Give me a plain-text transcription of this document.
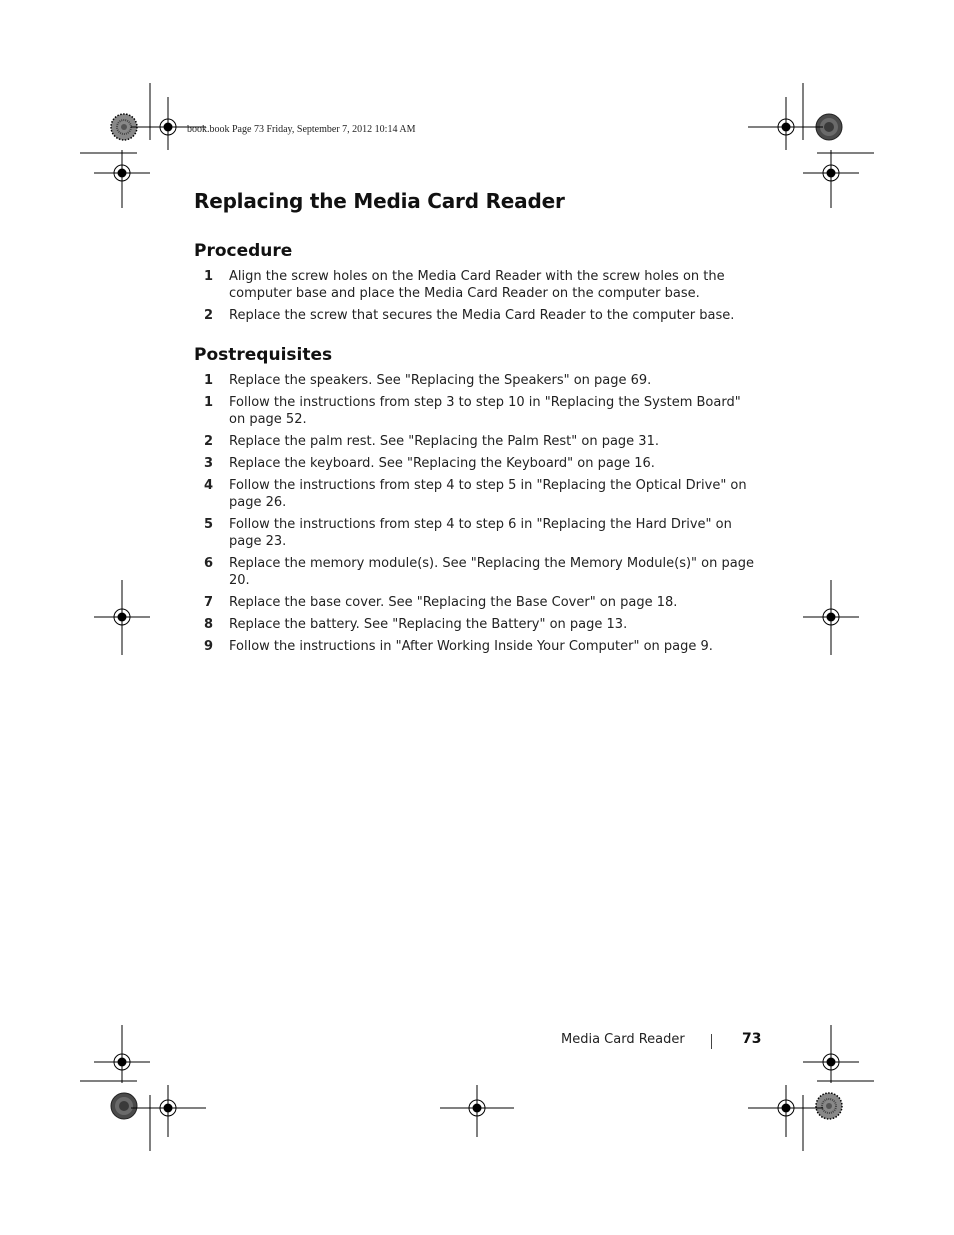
book.book Page 73 Friday, September 7, 2012 10:14 AM
Replacing the Media Card Reader
Procedure
1	Align the screw holes on the Media Card Reader with the screw holes on the computer base and place the Media Card Reader on the computer base.
2	Replace the screw that secures the Media Card Reader to the computer base.
Postrequisites
1	Replace the speakers. See "Replacing the Speakers" on page 69.
1	Follow the instructions from step 3 to step 10 in "Replacing the System Board" on page 52.
2	Replace the palm rest. See "Replacing the Palm Rest" on page 31.
3	Replace the keyboard. See "Replacing the Keyboard" on page 16.
4	Follow the instructions from step 4 to step 5 in "Replacing the Optical Drive" on page 26.
5	Follow the instructions from step 4 to step 6 in "Replacing the Hard Drive" on page 23.
6	Replace the memory module(s). See "Replacing the Memory Module(s)" on page 20.
7	Replace the base cover. See "Replacing the Base Cover" on page 18.
8	Replace the battery. See "Replacing the Battery" on page 13.
9	Follow the instructions in "After Working Inside Your Computer" on page 9.
Media Card Reader	73
